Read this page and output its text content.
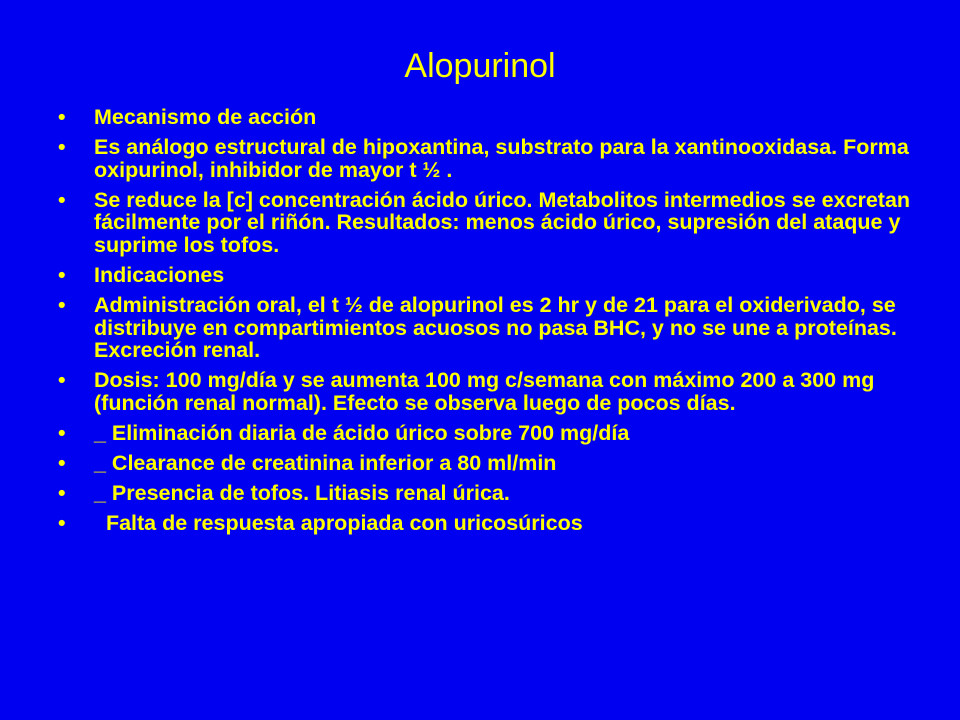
Alopurinol
•	Mecanismo de acción
•	Es análogo estructural de hipoxantina, substrato para la xantinooxidasa. Forma oxipurinol, inhibidor de mayor t ½ .
•	Se reduce la [c] concentración ácido úrico. Metabolitos intermedios se excretan fácilmente por el riñón. Resultados: menos ácido úrico, supresión del ataque y suprime los tofos.
•	Indicaciones
•	Administración oral, el t ½ de alopurinol es 2 hr y de 21 para el oxiderivado, se distribuye en compartimientos acuosos no pasa BHC, y no se une a proteínas. Excreción renal.
•	Dosis: 100 mg/día y se aumenta 100 mg c/semana con máximo 200 a 300 mg (función renal normal). Efecto se observa luego de pocos días.
•	_ Eliminación diaria de ácido úrico sobre 700 mg/día
•	_ Clearance de creatinina inferior a 80 ml/min
•	_ Presencia de tofos. Litiasis renal úrica.
•	Falta de respuesta apropiada con uricosúricos
